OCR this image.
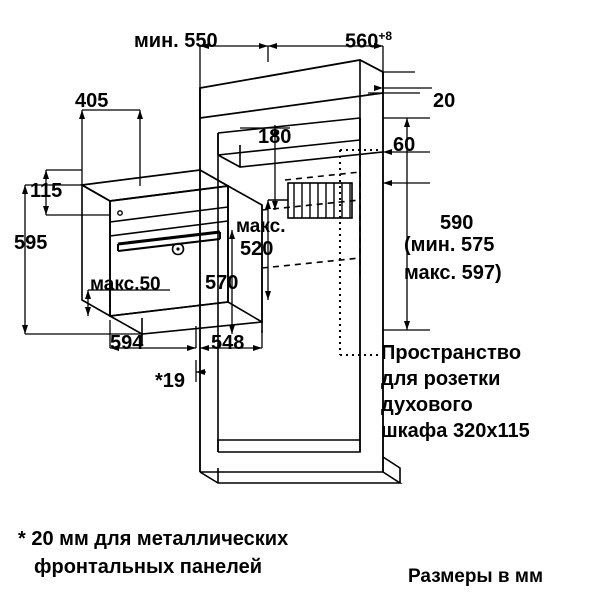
мин. 550	$560^{+8}$
405
180
20
60
115
595
590
(мин. 575
макс. 597)
макс.
520
570
макс.50
594	548
*19
Пространство
для розетки
духового
шкафа 320х115
* 20 мм для металлических
фронтальных панелей	Размеры в мм
